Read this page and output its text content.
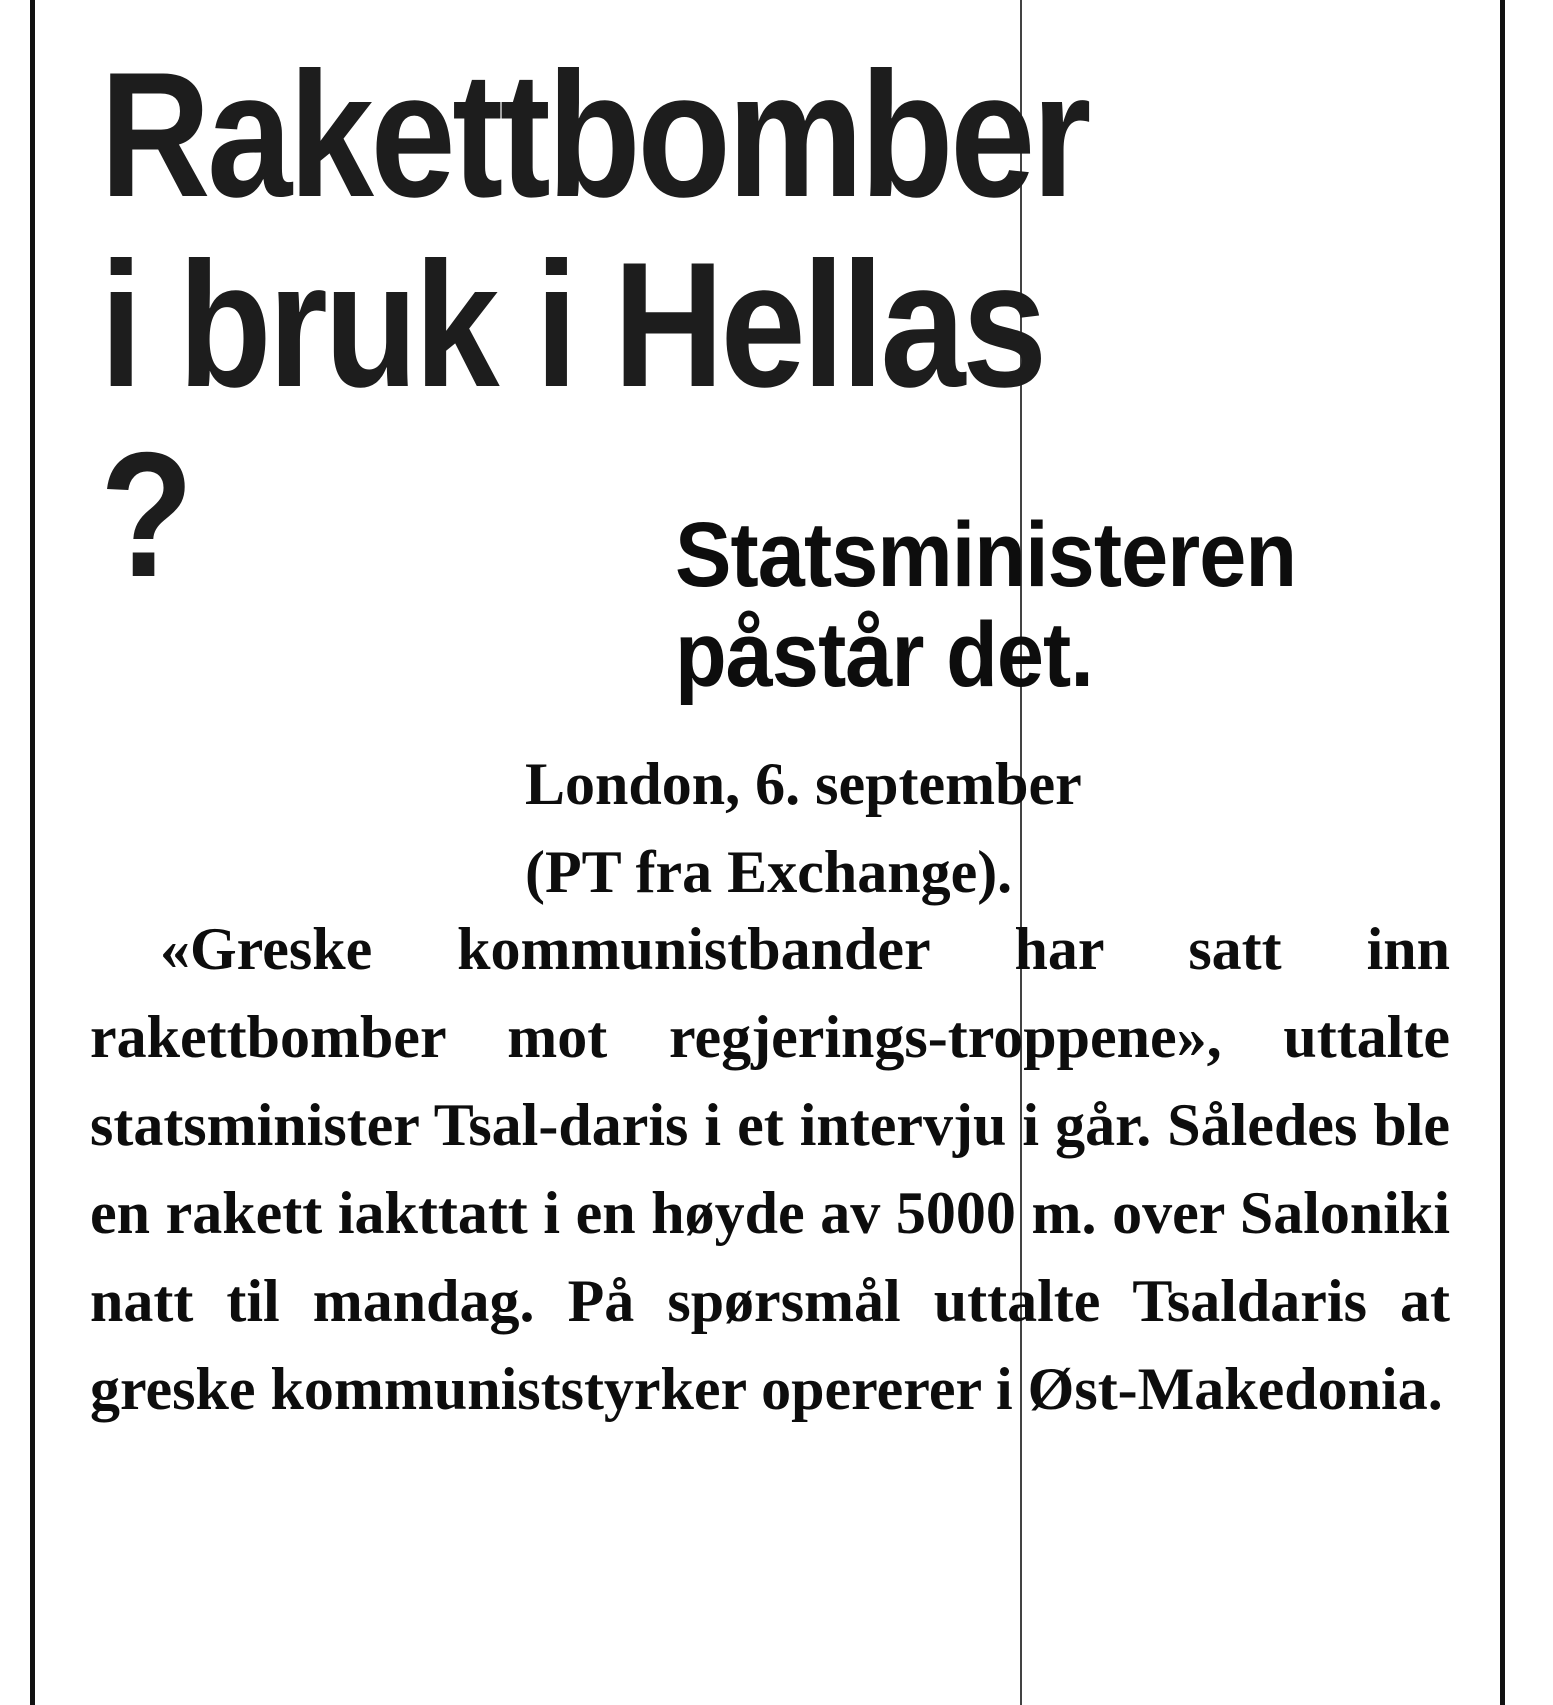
Rakettbomber i bruk i Hellas ?	Statsministeren påstår det.
London, 6. september
(PT fra Exchange).

«Greske kommunistbander har satt inn rakettbomber mot regjerings-troppene», uttalte statsminister Tsal-daris i et intervju i går. Således ble en rakett iakttatt i en høyde av 5000 m. over Saloniki natt til mandag. På spørsmål uttalte Tsaldaris at greske kommuniststyrker opererer i Øst-Makedonia.
